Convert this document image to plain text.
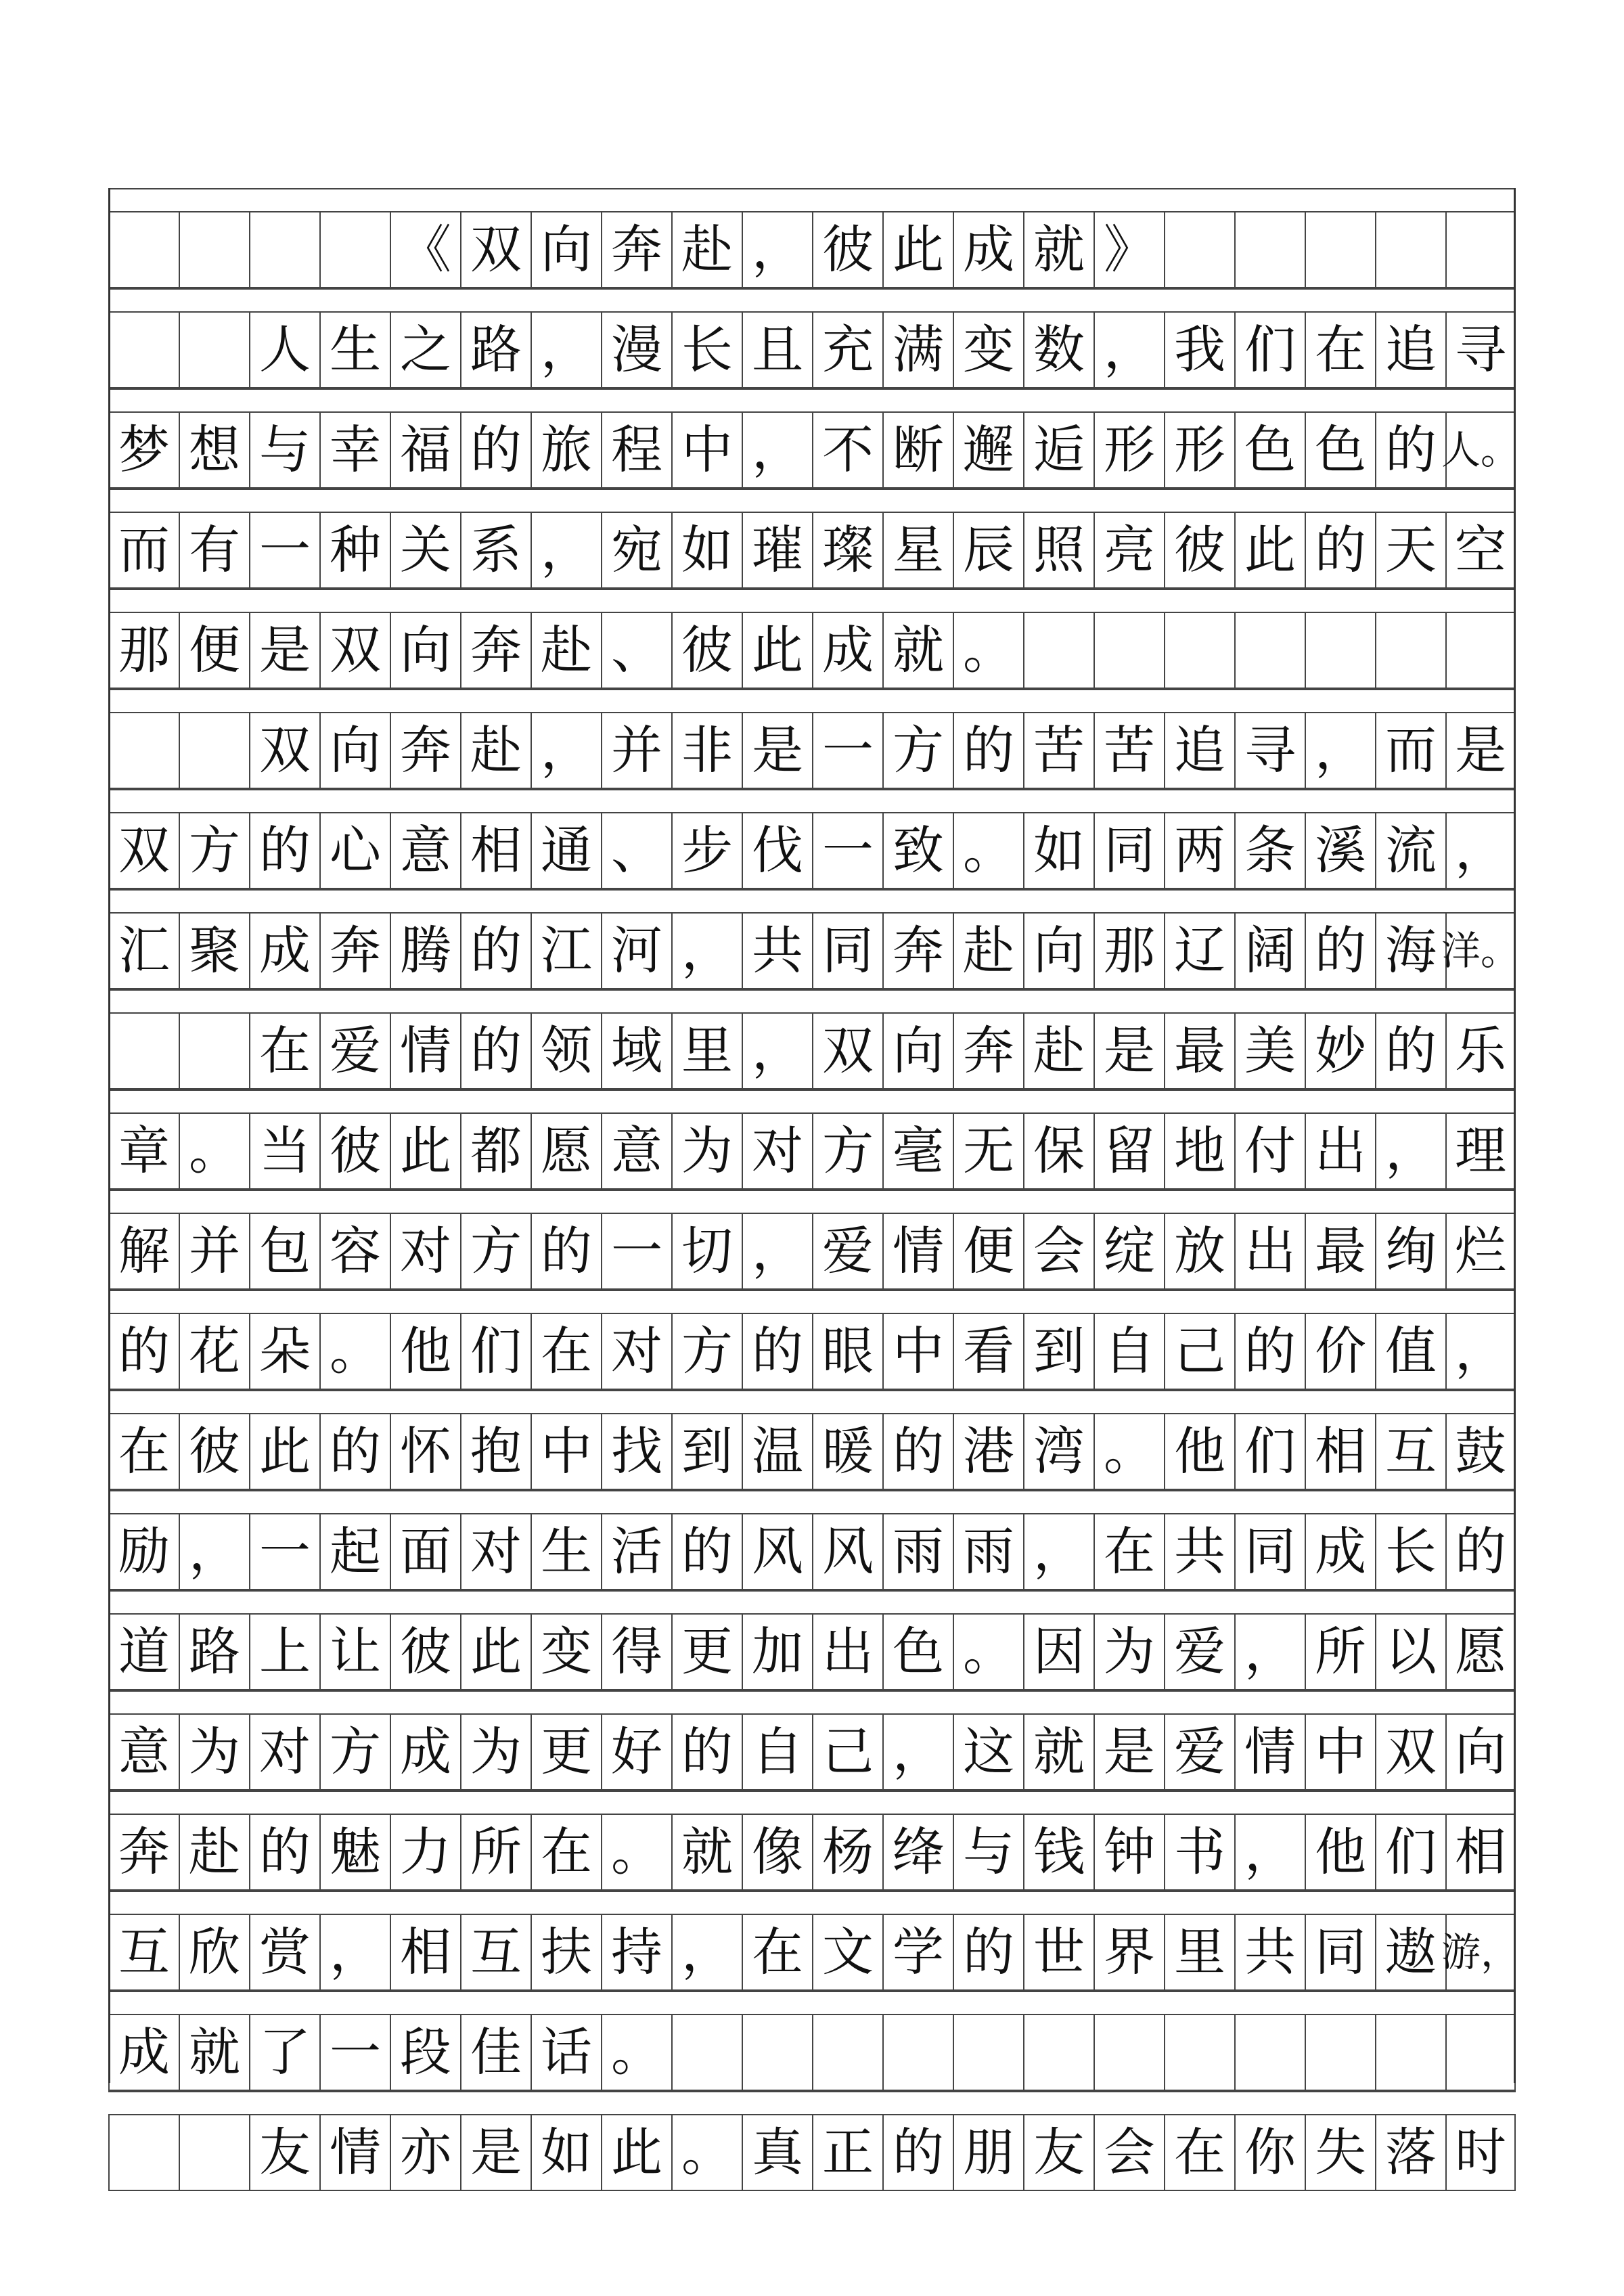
《 双 向 奔 赴 ， 彼 此 成 就 》
人 生 之 路 ， 漫 长 且 充 满 变 数 ， 我 们 在 追 寻
梦 想 与 幸 福 的 旅 程 中 ， 不 断 邂 逅 形 形 色 色 的 人。
而 有 一 种 关 系 ， 宛 如 璀 璨 星 辰 照 亮 彼 此 的 天 空
那 便 是 双 向 奔 赴 、 彼 此 成 就 。
双 向 奔 赴 ， 并 非 是 一 方 的 苦 苦 追 寻 ， 而 是
双 方 的 心 意 相 通 、 步 伐 一 致 。 如 同 两 条 溪 流 ，
汇 聚 成 奔 腾 的 江 河 ， 共 同 奔 赴 向 那 辽 阔 的 海 洋。
在 爱 情 的 领 域 里 ， 双 向 奔 赴 是 最 美 妙 的 乐
章 。 当 彼 此 都 愿 意 为 对 方 毫 无 保 留 地 付 出 ， 理
解 并 包 容 对 方 的 一 切 ， 爱 情 便 会 绽 放 出 最 绚 烂
的 花 朵 。 他 们 在 对 方 的 眼 中 看 到 自 己 的 价 值 ，
在 彼 此 的 怀 抱 中 找 到 温 暖 的 港 湾 。 他 们 相 互 鼓
励 ， 一 起 面 对 生 活 的 风 风 雨 雨 ， 在 共 同 成 长 的
道 路 上 让 彼 此 变 得 更 加 出 色 。 因 为 爱 ， 所 以 愿
意 为 对 方 成 为 更 好 的 自 己 ， 这 就 是 爱 情 中 双 向
奔 赴 的 魅 力 所 在 。 就 像 杨 绛 与 钱 钟 书 ， 他 们 相
互 欣 赏 ， 相 互 扶 持 ， 在 文 学 的 世 界 里 共 同 遨 游，
成 就 了 一 段 佳 话 。
友 情 亦 是 如 此 。 真 正 的 朋 友 会 在 你 失 落 时
